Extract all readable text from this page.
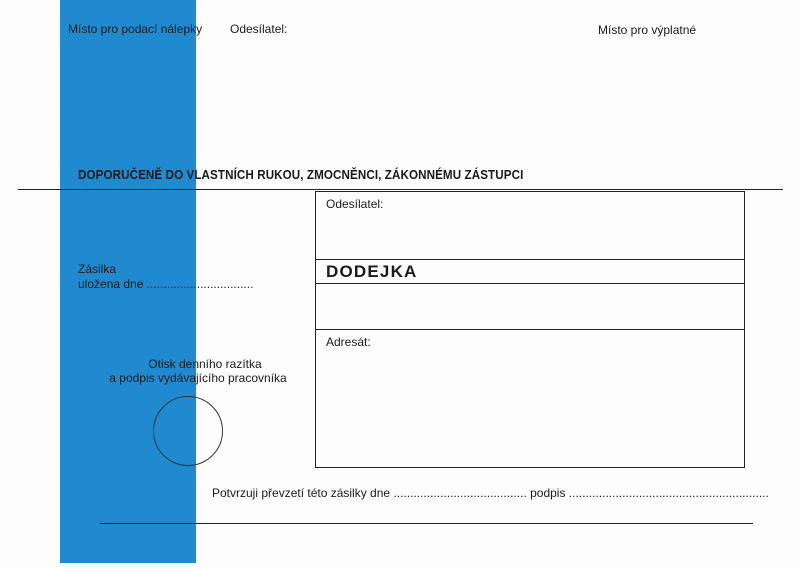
Místo pro podací nálepky Odesílatel:	Místo pro výplatné
DOPORUČENĚ DO VLASTNÍCH RUKOU, ZMOCNĚNCI, ZÁKONNÉMU ZÁSTUPCI
Zásilka
uložena dne ................................
Otisk denního razítka
a podpis vydávajícího pracovníka
Odesílatel:
DODEJKA
Adresát:
Potvrzuji převzetí této zásilky dne ........................................ podpis ............................................................
